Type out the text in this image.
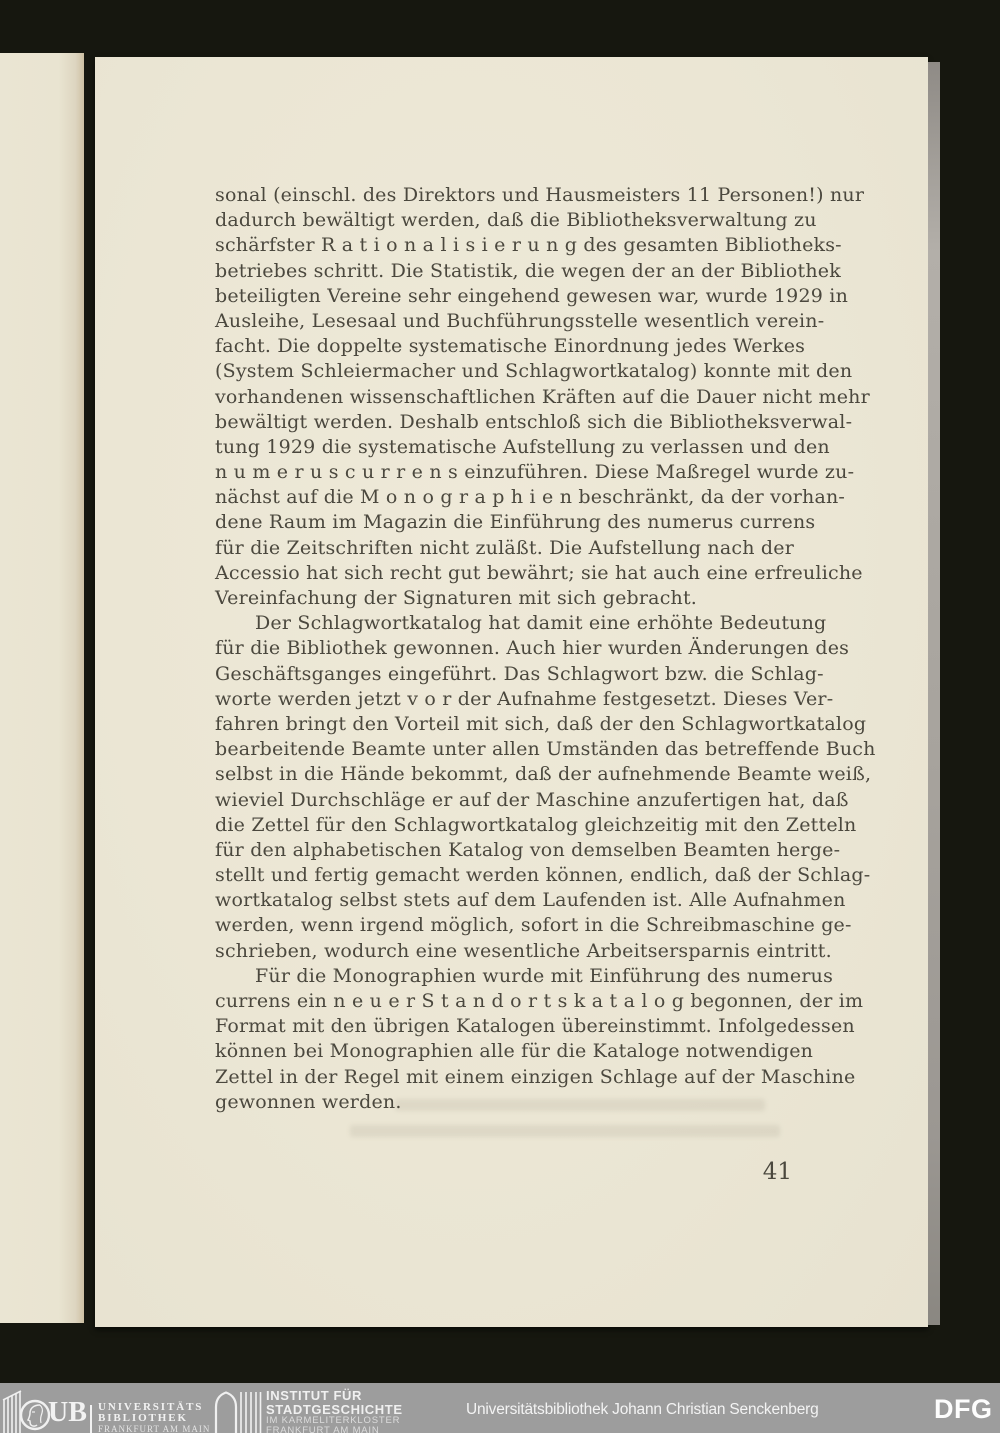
sonal (einschl. des Direktors und Hausmeisters 11 Personen!) nur
dadurch bewältigt werden, daß die Bibliotheksverwaltung zu
schärfster R a t i o n a l i s i e r u n g des gesamten Bibliotheks-
betriebes schritt. Die Statistik, die wegen der an der Bibliothek
beteiligten Vereine sehr eingehend gewesen war, wurde 1929 in
Ausleihe, Lesesaal und Buchführungsstelle wesentlich verein-
facht. Die doppelte systematische Einordnung jedes Werkes
(System Schleiermacher und Schlagwortkatalog) konnte mit den
vorhandenen wissenschaftlichen Kräften auf die Dauer nicht mehr
bewältigt werden. Deshalb entschloß sich die Bibliotheksverwal-
tung 1929 die systematische Aufstellung zu verlassen und den
n u m e r u s c u r r e n s einzuführen. Diese Maßregel wurde zu-
nächst auf die M o n o g r a p h i e n beschränkt, da der vorhan-
dene Raum im Magazin die Einführung des numerus currens
für die Zeitschriften nicht zuläßt. Die Aufstellung nach der
Accessio hat sich recht gut bewährt; sie hat auch eine erfreuliche
Vereinfachung der Signaturen mit sich gebracht.
Der Schlagwortkatalog hat damit eine erhöhte Bedeutung
für die Bibliothek gewonnen. Auch hier wurden Änderungen des
Geschäftsganges eingeführt. Das Schlagwort bzw. die Schlag-
worte werden jetzt v o r der Aufnahme festgesetzt. Dieses Ver-
fahren bringt den Vorteil mit sich, daß der den Schlagwortkatalog
bearbeitende Beamte unter allen Umständen das betreffende Buch
selbst in die Hände bekommt, daß der aufnehmende Beamte weiß,
wieviel Durchschläge er auf der Maschine anzufertigen hat, daß
die Zettel für den Schlagwortkatalog gleichzeitig mit den Zetteln
für den alphabetischen Katalog von demselben Beamten herge-
stellt und fertig gemacht werden können, endlich, daß der Schlag-
wortkatalog selbst stets auf dem Laufenden ist. Alle Aufnahmen
werden, wenn irgend möglich, sofort in die Schreibmaschine ge-
schrieben, wodurch eine wesentliche Arbeitsersparnis eintritt.
Für die Monographien wurde mit Einführung des numerus
currens ein n e u e r S t a n d o r t s k a t a l o g begonnen, der im
Format mit den übrigen Katalogen übereinstimmt. Infolgedessen
können bei Monographien alle für die Kataloge notwendigen
Zettel in der Regel mit einem einzigen Schlage auf der Maschine
gewonnen werden.
41
UB UNIVERSITÄTS
BIBLIOTHEK
FRANKFURT AM MAIN
INSTITUT FÜR
STADTGESCHICHTE
IM KARMELITERKLOSTER
FRANKFURT AM MAIN
Universitätsbibliothek Johann Christian Senckenberg	DFG
